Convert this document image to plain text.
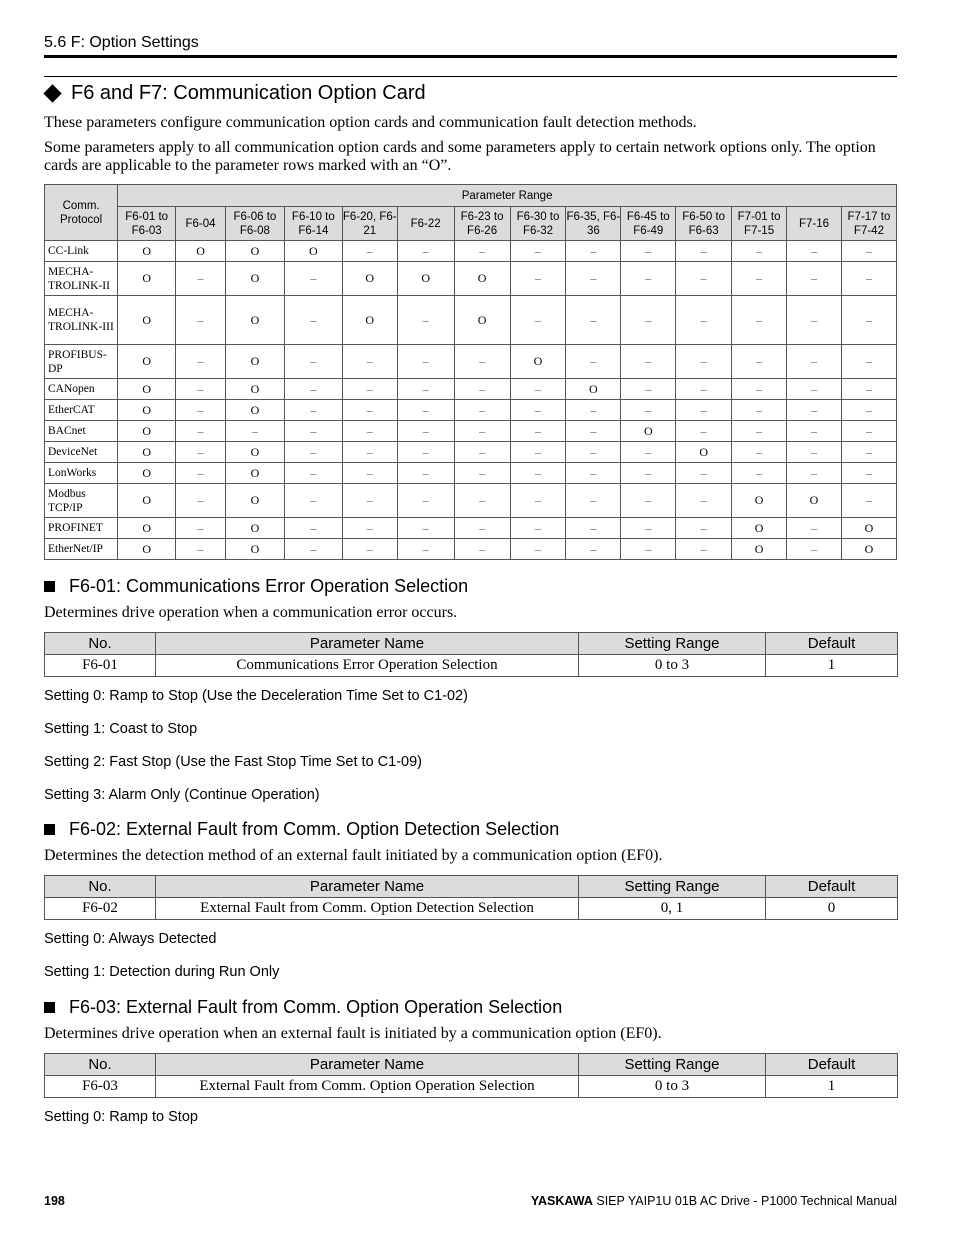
5.6 F: Option Settings
F6 and F7: Communication Option Card
These parameters configure communication option cards and communication fault detection methods.
Some parameters apply to all communication option cards and some parameters apply to certain network options only. The option cards are applicable to the parameter rows marked with an “O”.
Comm. Protocol	Parameter Range													
	F6-01 to F6-03	F6-04	F6-06 to F6-08	F6-10 to F6-14	F6-20, F6-21	F6-22	F6-23 to F6-26	F6-30 to F6-32	F6-35, F6-36	F6-45 to F6-49	F6-50 to F6-63	F7-01 to F7-15	F7-16	F7-17 to F7-42
CC-Link	O	O	O	O	–	–	–	–	–	–	–	–	–	–
MECHA-TROLINK-II	O	–	O	–	O	O	O	–	–	–	–	–	–	–
MECHA-TROLINK-III	O	–	O	–	O	–	O	–	–	–	–	–	–	–
PROFIBUS-DP	O	–	O	–	–	–	–	O	–	–	–	–	–	–
CANopen	O	–	O	–	–	–	–	–	O	–	–	–	–	–
EtherCAT	O	–	O	–	–	–	–	–	–	–	–	–	–	–
BACnet	O	–	–	–	–	–	–	–	–	O	–	–	–	–
DeviceNet	O	–	O	–	–	–	–	–	–	–	O	–	–	–
LonWorks	O	–	O	–	–	–	–	–	–	–	–	–	–	–
Modbus TCP/IP	O	–	O	–	–	–	–	–	–	–	–	O	O	–
PROFINET	O	–	O	–	–	–	–	–	–	–	–	O	–	O
EtherNet/IP	O	–	O	–	–	–	–	–	–	–	–	O	–	O
F6-01: Communications Error Operation Selection
Determines drive operation when a communication error occurs.
No.	Parameter Name	Setting Range	Default
F6-01	Communications Error Operation Selection	0 to 3	1
Setting 0: Ramp to Stop (Use the Deceleration Time Set to C1-02)
Setting 1: Coast to Stop
Setting 2: Fast Stop (Use the Fast Stop Time Set to C1-09)
Setting 3: Alarm Only (Continue Operation)
F6-02: External Fault from Comm. Option Detection Selection
Determines the detection method of an external fault initiated by a communication option (EF0).
No.	Parameter Name	Setting Range	Default
F6-02	External Fault from Comm. Option Detection Selection	0, 1	0
Setting 0: Always Detected
Setting 1: Detection during Run Only
F6-03: External Fault from Comm. Option Operation Selection
Determines drive operation when an external fault is initiated by a communication option (EF0).
No.	Parameter Name	Setting Range	Default
F6-03	External Fault from Comm. Option Operation Selection	0 to 3	1
Setting 0: Ramp to Stop
198	YASKAWA SIEP YAIP1U 01B AC Drive - P1000 Technical Manual
